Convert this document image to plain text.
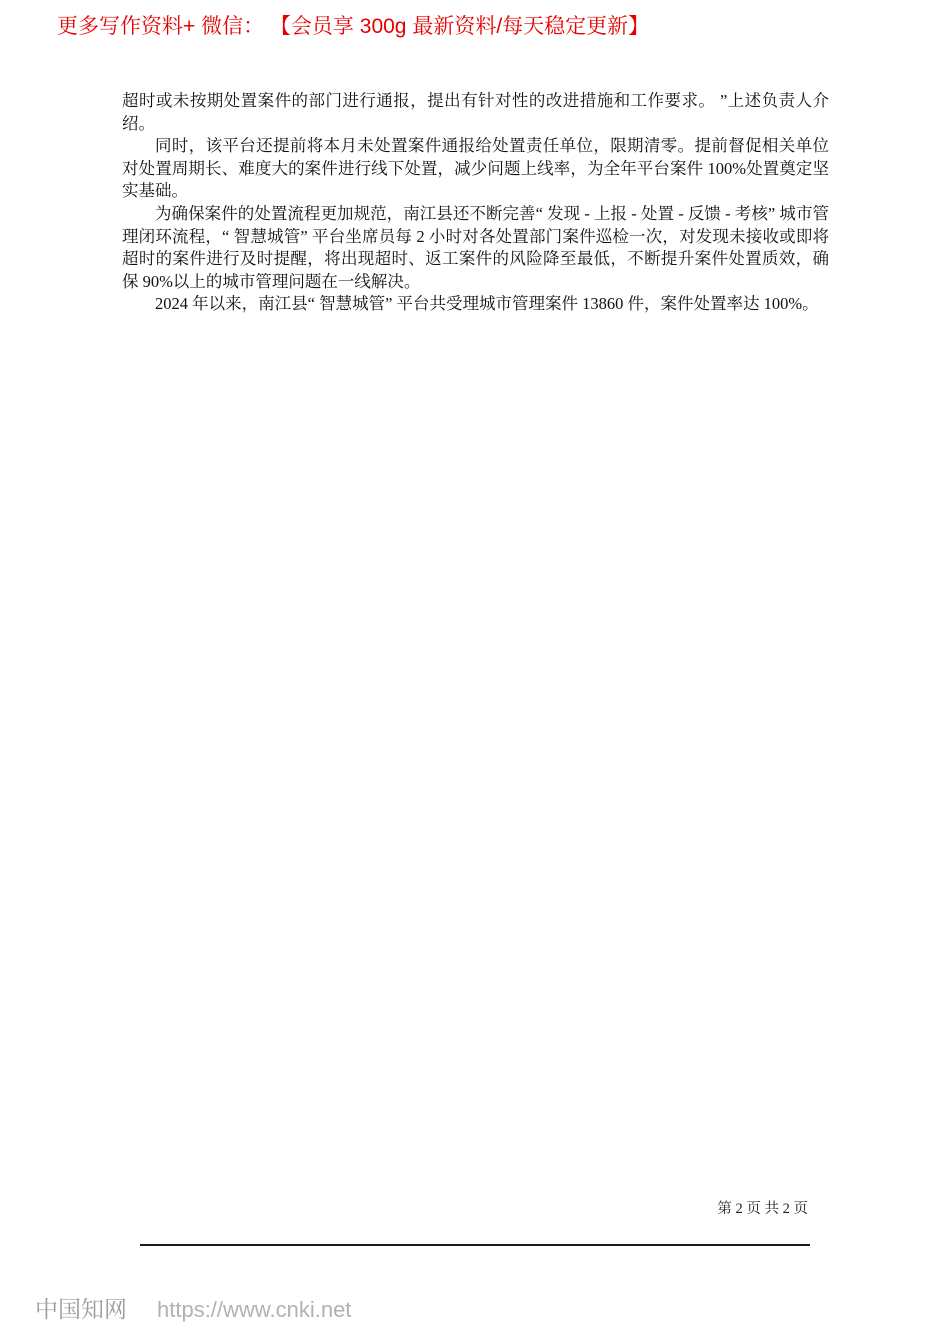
更多写作资料+ 微信： 【会员享 300g 最新资料/每天稳定更新】

超时或未按期处置案件的部门进行通报，提出有针对性的改进措施和工作要求。 ”上述负责人介绍。

同时，该平台还提前将本月未处置案件通报给处置责任单位，限期清零。提前督促相关单位对处置周期长、难度大的案件进行线下处置，减少问题上线率，为全年平台案件 100%处置奠定坚实基础。

为确保案件的处置流程更加规范，南江县还不断完善“ 发现 - 上报 - 处置 - 反馈 - 考核” 城市管理闭环流程，“ 智慧城管” 平台坐席员每 2 小时对各处置部门案件巡检一次，对发现未接收或即将超时的案件进行及时提醒，将出现超时、返工案件的风险降至最低，不断提升案件处置质效，确保 90%以上的城市管理问题在一线解决。

2024 年以来，南江县“ 智慧城管” 平台共受理城市管理案件 13860 件，案件处置率达 100%。

第 2 页 共 2 页
中国知网 https://www.cnki.net
